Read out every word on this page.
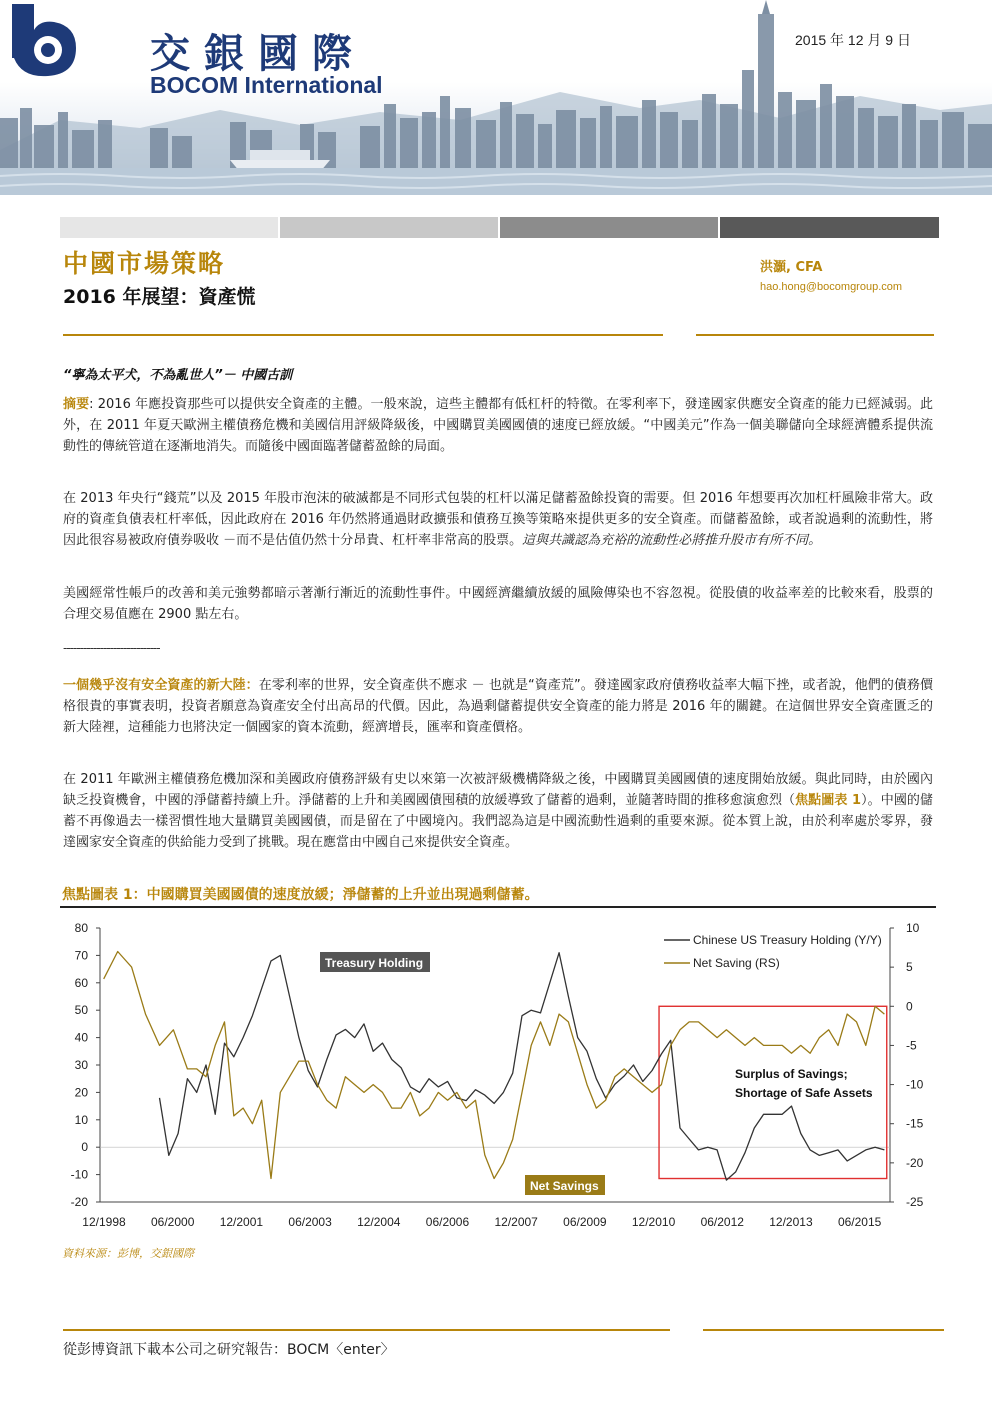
交銀國際
BOCOM International
2015 年 12 月 9 日
中國市場策略
2016 年展望：資產慌
洪灝, CFA
hao.hong@bocomgroup.com
“寧為太平犬，不為亂世人”－ 中國古訓
摘要: 2016 年應投資那些可以提供安全資產的主體。一般來說，這些主體都有低杠杆的特徵。在零利率下，發達國家供應安全資產的能力已經減弱。此外，在 2011 年夏天歐洲主權債務危機和美國信用評級降級後，中國購買美國國債的速度已經放緩。“中國美元”作為一個美聯儲向全球經濟體系提供流動性的傳統管道在逐漸地消失。而隨後中國面臨著儲蓄盈餘的局面。
在 2013 年央行“錢荒”以及 2015 年股市泡沫的破滅都是不同形式包裝的杠杆以滿足儲蓄盈餘投資的需要。但 2016 年想要再次加杠杆風險非常大。政府的資產負債表杠杆率低，因此政府在 2016 年仍然將通過財政擴張和債務互換等策略來提供更多的安全資產。而儲蓄盈餘，或者說過剩的流動性，將因此很容易被政府債券吸收 －而不是估值仍然十分昂貴、杠杆率非常高的股票。這與共識認為充裕的流動性必將推升股市有所不同。
美國經常性帳戶的改善和美元強勢都暗示著漸行漸近的流動性事件。中國經濟繼續放緩的風險傳染也不容忽視。從股債的收益率差的比較來看，股票的合理交易值應在 2900 點左右。
-----------------------------
一個幾乎沒有安全資產的新大陸：在零利率的世界，安全資產供不應求 － 也就是“資產荒”。發達國家政府債務收益率大幅下挫，或者說，他們的債務價格很貴的事實表明，投資者願意為資產安全付出高昂的代價。因此，為過剩儲蓄提供安全資產的能力將是 2016 年的關鍵。在這個世界安全資產匱乏的新大陸裡，這種能力也將決定一個國家的資本流動，經濟增長，匯率和資產價格。
在 2011 年歐洲主權債務危機加深和美國政府債務評級有史以來第一次被評級機構降級之後，中國購買美國國債的速度開始放緩。與此同時，由於國內缺乏投資機會，中國的淨儲蓄持續上升。淨儲蓄的上升和美國國債囤積的放緩導致了儲蓄的過剩，並隨著時間的推移愈演愈烈（焦點圖表 1）。中國的儲蓄不再像過去一樣習慣性地大量購買美國國債，而是留在了中國境內。我們認為這是中國流動性過剩的重要來源。從本質上說，由於利率處於零界，發達國家安全資產的供給能力受到了挑戰。現在應當由中國自己來提供安全資產。
焦點圖表 1：中國購買美國國債的速度放緩；淨儲蓄的上升並出現過剩儲蓄。
-20
-10
0
10
20
30
40
50
60
70
80
-25
-20
-15
-10
-5
0
5
10
12/1998 06/2000 12/2001 06/2003 12/2004 06/2006 12/2007 06/2009 12/2010 06/2012 12/2013 06/2015
Chinese US Treasury Holding (Y/Y)
Net Saving (RS)
Treasury Holding
Net Savings
Surplus of Savings;
Shortage of Safe Assets
資料來源：彭博，交銀國際
從彭博資訊下載本公司之研究報告：BOCM〈enter〉
